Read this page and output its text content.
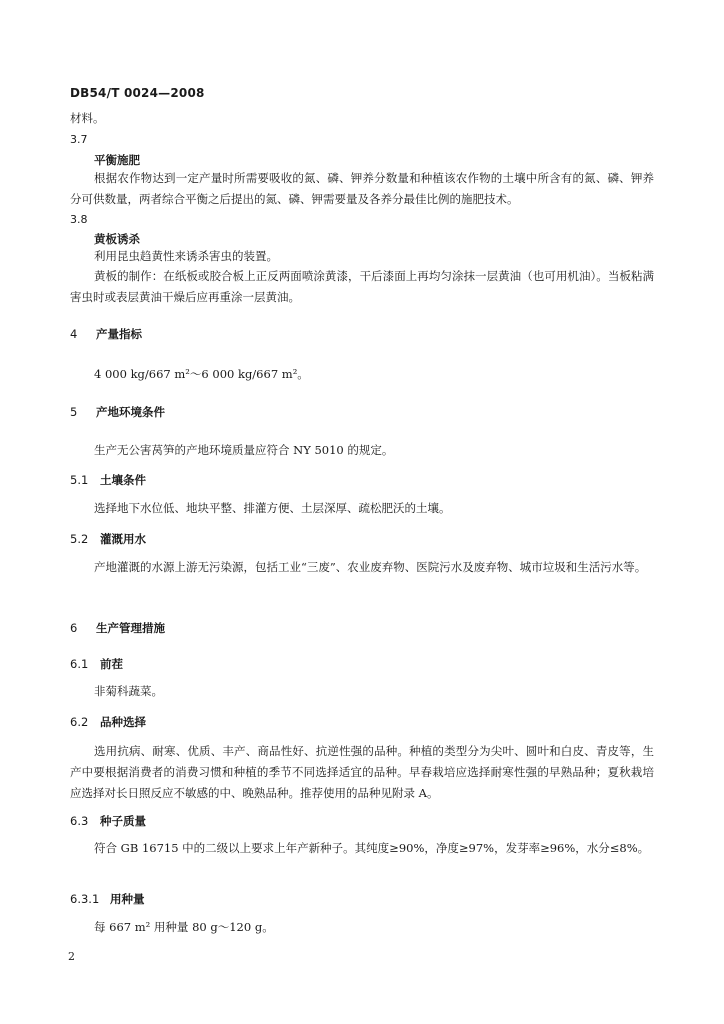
DB54/T 0024—2008
材料。
3.7
平衡施肥
根据农作物达到一定产量时所需要吸收的氮、磷、钾养分数量和种植该农作物的土壤中所含有的氮、磷、钾养分可供数量，两者综合平衡之后提出的氮、磷、钾需要量及各养分最佳比例的施肥技术。
3.8
黄板诱杀
利用昆虫趋黄性来诱杀害虫的装置。
黄板的制作：在纸板或胶合板上正反两面喷涂黄漆，干后漆面上再均匀涂抹一层黄油（也可用机油）。当板粘满害虫时或表层黄油干燥后应再重涂一层黄油。
4 产量指标
4 000 kg/667 m²～6 000 kg/667 m²。
5 产地环境条件
生产无公害莴笋的产地环境质量应符合 NY 5010 的规定。
5.1 土壤条件
选择地下水位低、地块平整、排灌方便、土层深厚、疏松肥沃的土壤。
5.2 灌溉用水
产地灌溉的水源上游无污染源，包括工业“三废”、农业废弃物、医院污水及废弃物、城市垃圾和生活污水等。
6 生产管理措施
6.1 前茬
非菊科蔬菜。
6.2 品种选择
选用抗病、耐寒、优质、丰产、商品性好、抗逆性强的品种。种植的类型分为尖叶、圆叶和白皮、青皮等，生产中要根据消费者的消费习惯和种植的季节不同选择适宜的品种。早春栽培应选择耐寒性强的早熟品种；夏秋栽培应选择对长日照反应不敏感的中、晚熟品种。推荐使用的品种见附录 A。
6.3 种子质量
符合 GB 16715 中的二级以上要求上年产新种子。其纯度≥90%，净度≥97%，发芽率≥96%，水分≤8%。
6.3.1 用种量
每 667 m² 用种量 80 g～120 g。
2
